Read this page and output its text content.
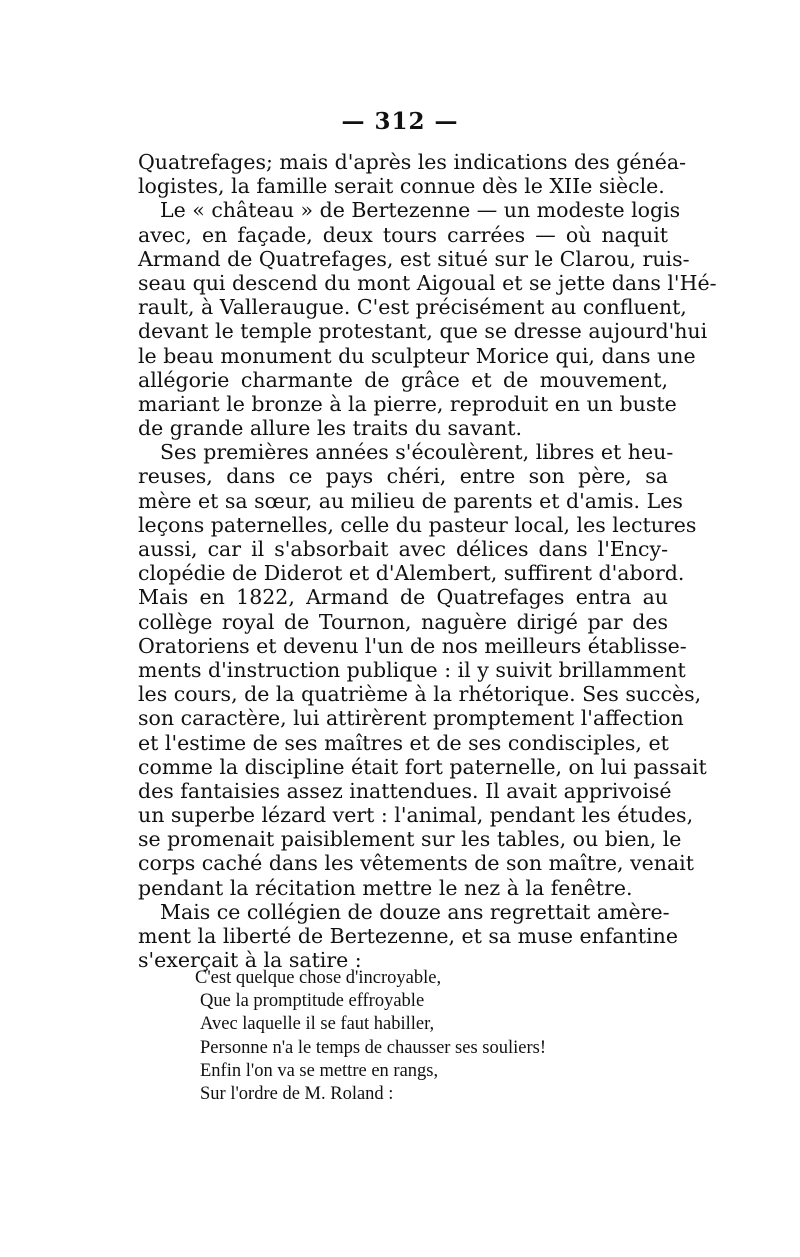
— 312 —
Quatrefages; mais d'après les indications des généa-
logistes, la famille serait connue dès le XIIe siècle.
Le « château » de Bertezenne — un modeste logis
avec, en façade, deux tours carrées — où naquit
Armand de Quatrefages, est situé sur le Clarou, ruis-
seau qui descend du mont Aigoual et se jette dans l'Hé-
rault, à Valleraugue. C'est précisément au confluent,
devant le temple protestant, que se dresse aujourd'hui
le beau monument du sculpteur Morice qui, dans une
allégorie charmante de grâce et de mouvement,
mariant le bronze à la pierre, reproduit en un buste
de grande allure les traits du savant.
Ses premières années s'écoulèrent, libres et heu-
reuses, dans ce pays chéri, entre son père, sa
mère et sa sœur, au milieu de parents et d'amis. Les
leçons paternelles, celle du pasteur local, les lectures
aussi, car il s'absorbait avec délices dans l'Ency-
clopédie de Diderot et d'Alembert, suffirent d'abord.
Mais en 1822, Armand de Quatrefages entra au
collège royal de Tournon, naguère dirigé par des
Oratoriens et devenu l'un de nos meilleurs établisse-
ments d'instruction publique : il y suivit brillamment
les cours, de la quatrième à la rhétorique. Ses succès,
son caractère, lui attirèrent promptement l'affection
et l'estime de ses maîtres et de ses condisciples, et
comme la discipline était fort paternelle, on lui passait
des fantaisies assez inattendues. Il avait apprivoisé
un superbe lézard vert : l'animal, pendant les études,
se promenait paisiblement sur les tables, ou bien, le
corps caché dans les vêtements de son maître, venait
pendant la récitation mettre le nez à la fenêtre.
Mais ce collégien de douze ans regrettait amère-
ment la liberté de Bertezenne, et sa muse enfantine
s'exerçait à la satire :
C'est quelque chose d'incroyable,
Que la promptitude effroyable
Avec laquelle il se faut habiller,
Personne n'a le temps de chausser ses souliers!
Enfin l'on va se mettre en rangs,
Sur l'ordre de M. Roland :
